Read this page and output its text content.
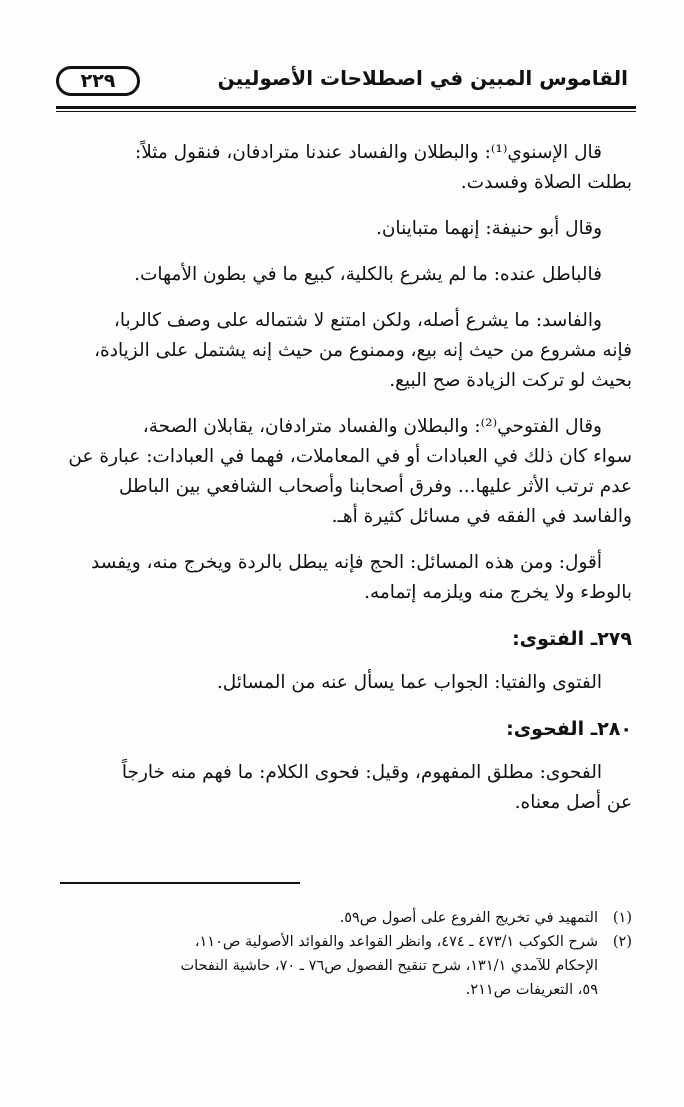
القاموس المبين في اصطلاحات الأصوليين
٢٢٩

قال الإسنوي⁽¹⁾: والبطلان والفساد عندنا مترادفان، فنقول مثلاً:
بطلت الصلاة وفسدت.

وقال أبو حنيفة: إنهما متباينان.

فالباطل عنده: ما لم يشرع بالكلية، كبيع ما في بطون الأمهات.

والفاسد: ما يشرع أصله، ولكن امتنع لا شتماله على وصف كالربا،
فإنه مشروع من حيث إنه بيع، وممنوع من حيث إنه يشتمل على الزيادة،
بحيث لو تركت الزيادة صح البيع.

وقال الفتوحي⁽²⁾: والبطلان والفساد مترادفان، يقابلان الصحة،
سواء كان ذلك في العبادات أو في المعاملات، فهما في العبادات: عبارة عن
عدم ترتب الأثر عليها... وفرق أصحابنا وأصحاب الشافعي بين الباطل
والفاسد في الفقه في مسائل كثيرة أهـ.

أقول: ومن هذه المسائل: الحج فإنه يبطل بالردة ويخرج منه، ويفسد
بالوطء ولا يخرج منه ويلزمه إتمامه.

٢٧٩ـ الفتوى:

الفتوى والفتيا: الجواب عما يسأل عنه من المسائل.

٢٨٠ـ الفحوى:

الفحوى: مطلق المفهوم، وقيل: فحوى الكلام: ما فهم منه خارجاً
عن أصل معناه.

(١)
التمهيد في تخريج الفروع على أصول ص٥٩.
(٢)
شرح الكوكب ٤٧٣/١ ـ ٤٧٤، وانظر القواعد والفوائد الأصولية ص١١٠،
الإحكام للآمدي ١٣١/١، شرح تنقيح الفصول ص٧٦ ـ ٧٠، حاشية النفحات
٥٩، التعريفات ص٢١١.
